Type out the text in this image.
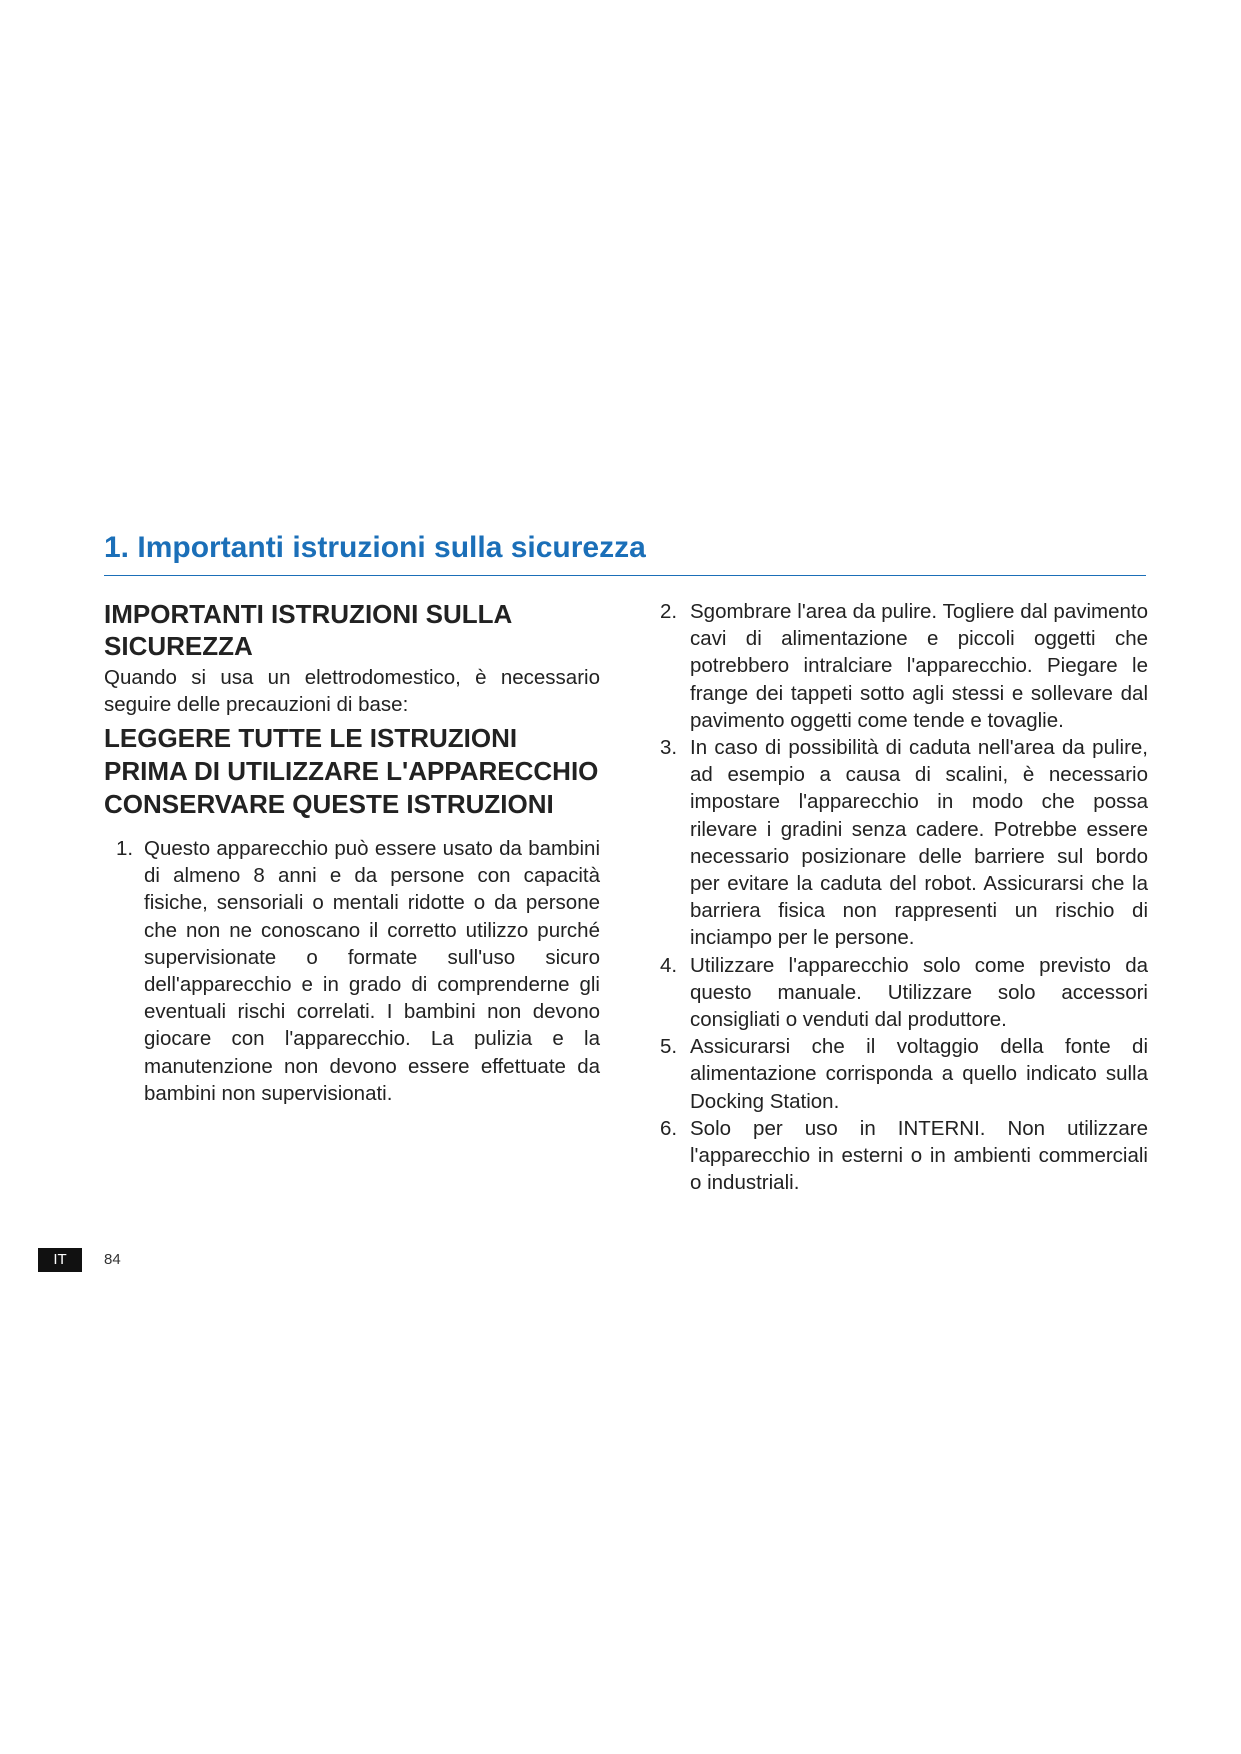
1. Importanti istruzioni sulla sicurezza
IMPORTANTI ISTRUZIONI SULLA SICUREZZA

Quando si usa un elettrodomestico, è necessario seguire delle precauzioni di base:

LEGGERE TUTTE LE ISTRUZIONI PRIMA DI UTILIZZARE L'APPARECCHIO
CONSERVARE QUESTE ISTRUZIONI
1. Questo apparecchio può essere usato da bambini di almeno 8 anni e da persone con capacità fisiche, sensoriali o mentali ridotte o da persone che non ne conoscano il corretto utilizzo purché supervisionate o formate sull'uso sicuro dell'apparecchio e in grado di comprenderne gli eventuali rischi correlati. I bambini non devono giocare con l'apparecchio. La pulizia e la manutenzione non devono essere effettuate da bambini non supervisionati.
2. Sgombrare l'area da pulire. Togliere dal pavimento cavi di alimentazione e piccoli oggetti che potrebbero intralciare l'apparecchio. Piegare le frange dei tappeti sotto agli stessi e sollevare dal pavimento oggetti come tende e tovaglie.
3. In caso di possibilità di caduta nell'area da pulire, ad esempio a causa di scalini, è necessario impostare l'apparecchio in modo che possa rilevare i gradini senza cadere. Potrebbe essere necessario posizionare delle barriere sul bordo per evitare la caduta del robot. Assicurarsi che la barriera fisica non rappresenti un rischio di inciampo per le persone.
4. Utilizzare l'apparecchio solo come previsto da questo manuale. Utilizzare solo accessori consigliati o venduti dal produttore.
5. Assicurarsi che il voltaggio della fonte di alimentazione corrisponda a quello indicato sulla Docking Station.
6. Solo per uso in INTERNI. Non utilizzare l'apparecchio in esterni o in ambienti commerciali o industriali.
IT	84
